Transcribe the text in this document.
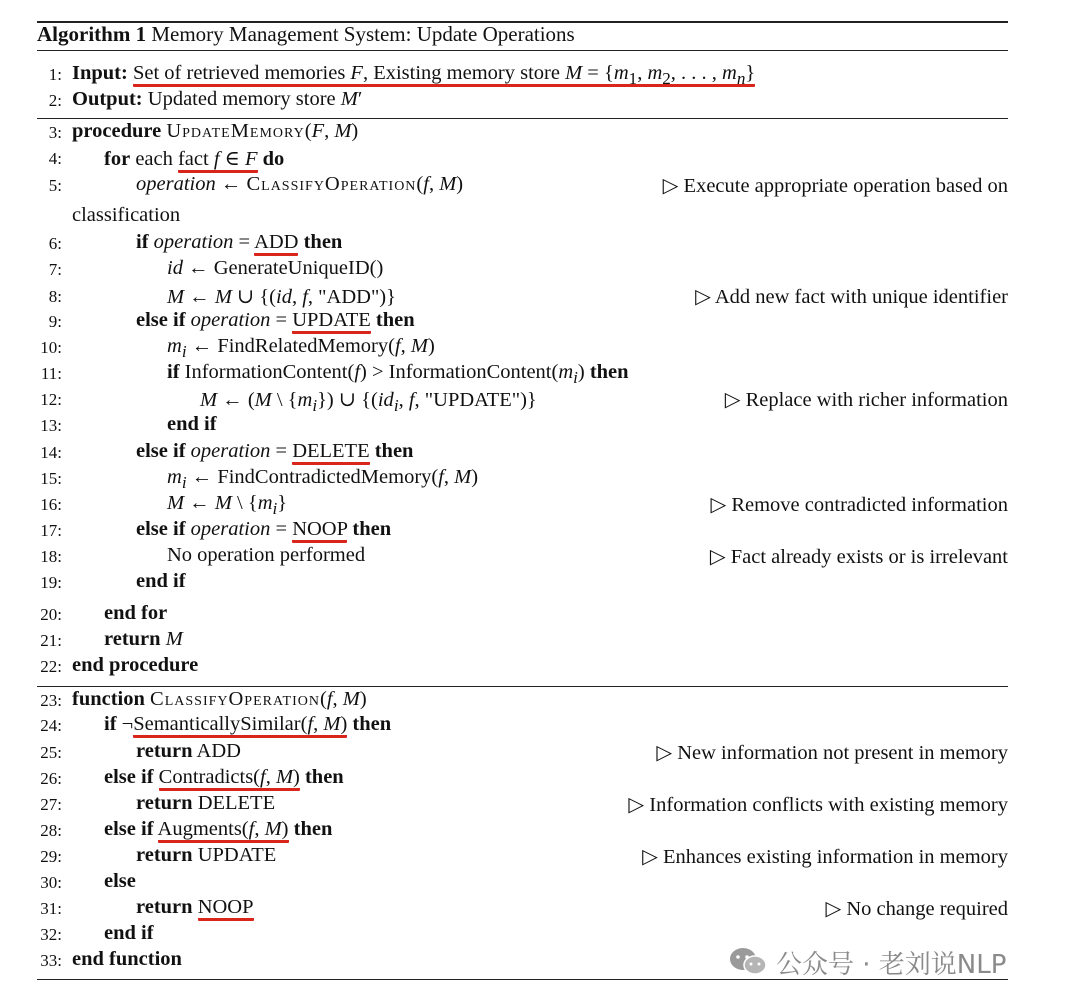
Algorithm 1 Memory Management System: Update Operations
1: Input: Set of retrieved memories F, Existing memory store $M = \{m_1$, $m_2$, . . . , $m_n$}
2: Output: Updated memory store M′
3: procedure UpdateMemory(F, M)
4: for each fact f ∈ F do
5:	operation ← ClassifyOperation(f, M)	▷ Execute appropriate operation based on
classification
6:	if operation = ADD then
7:	id ← GenerateUniqueID()
8:	M ← M ∪ {(id, f, "ADD")}	▷ Add new fact with unique identifier
9:	else if operation = UPDATE then
10:	$m_i$ ← FindRelatedMemory(f, M)
11:	if InformationContent(f) > $InformationContent(m_i)$ then
12:	M ← (M \ $\{m_i\}$) ∪ {($id_i$, f, "UPDATE")}	▷ Replace with richer information
13:	end if
14:	else if operation = DELETE then
15:	$m_i$ ← FindContradictedMemory(f, M)
16:	M ← M \ $\{m_i\}$	▷ Remove contradicted information
17:	else if operation = NOOP then
18:	No operation performed	▷ Fact already exists or is irrelevant
19:	end if
20: end for
21: return M
22: end procedure
23: function ClassifyOperation(f, M)
24: if ¬SemanticallySimilar(f, M) then
25:	return ADD	▷ New information not present in memory
26: else if Contradicts(f, M) then
27:	return DELETE	▷ Information conflicts with existing memory
28: else if Augments(f, M) then
29:	return UPDATE	▷ Enhances existing information in memory
30: else
31:	return NOOP	▷ No change required
32: end if
33: end function	公众号 · 老刘说NLP
